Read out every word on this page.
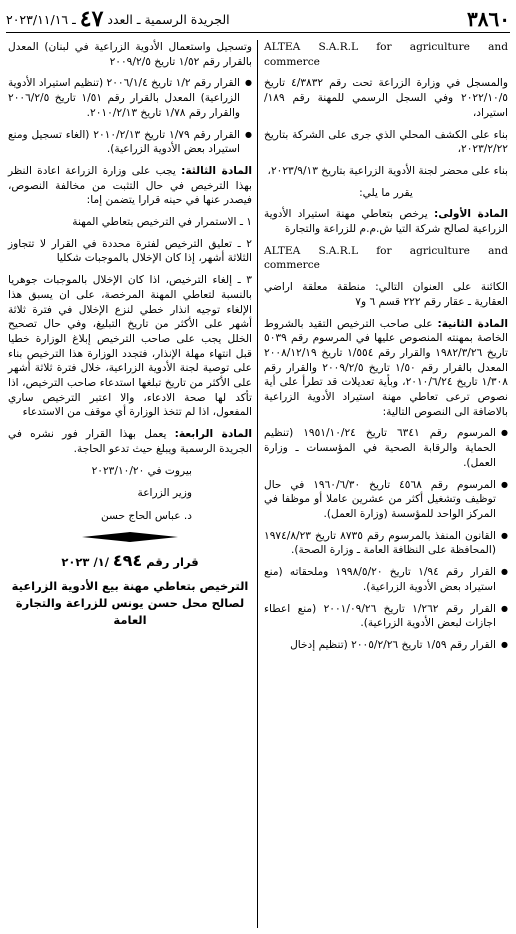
٣٨٦٠
الجريدة الرسمية ـ العدد
٤٧
ـ ٢٠٢٣/١١/١٦

ALTEA S.A.R.L for agriculture and commerce

والمسجل في وزارة الزراعة تحت رقم ٤/٣٨٣٢ تاريخ ٢٠٢٢/١٠/٥ وفي السجل الرسمي للمهنة رقم ١٨٩/ استيراد،

بناء على الكشف المحلي الذي جرى على الشركة بتاريخ ٢٠٢٣/٢/٢٢،

بناء على محضر لجنة الأدوية الزراعية بتاريخ ٢٠٢٣/٩/١٣،

يقرر ما يلي:

المادة الأولى: يرخص بتعاطي مهنة استيراد الأدوية الزراعية لصالح شركة التيا ش.م.م للزراعة والتجارة

ALTEA S.A.R.L for agriculture and commerce

الكائنة على العنوان التالي: منطقة معلقة اراضي العقارية ـ عقار رقم ٢٢٢ قسم ٦ و٧

المادة الثانية: على صاحب الترخيص التقيد بالشروط الخاصة بمهنته المنصوص عليها في المرسوم رقم ٥٠٣٩ تاريخ ١٩٨٢/٣/٢٦ والقرار رقم ١/٥٥٤ تاريخ ٢٠٠٨/١٢/١٩ المعدل بالقرار رقم ١/٥٠ تاريخ ٢٠٠٩/٢/٥ والقرار رقم ١/٣٠٨ تاريخ ٢٠١٠/٦/٢٤، وبأية تعديلات قد تطرأ على أية نصوص ترعى تعاطي مهنة استيراد الأدوية الزراعية بالاضافة الى النصوص التالية:

● المرسوم رقم ٦٣٤١ تاريخ ١٩٥١/١٠/٢٤ (تنظيم الحماية والرقابة الصحية في المؤسسات ـ وزارة العمل).

● المرسوم رقم ٤٥٦٨ تاريخ ١٩٦٠/٦/٣٠ في حال توظيف وتشغيل أكثر من عشرين عاملا أو موظفا في المركز الواحد للمؤسسة (وزارة العمل).

● القانون المنفذ بالمرسوم رقم ٨٧٣٥ تاريخ ١٩٧٤/٨/٢٣ (المحافظة على النظافة العامة ـ وزارة الصحة).

● القرار رقم ١/٩٤ تاريخ ١٩٩٨/٥/٢٠ وملحقاته (منع استيراد بعض الأدوية الزراعية).

● القرار رقم ١/٢٦٢ تاريخ ٢٠٠١/٠٩/٢٦ (منع اعطاء اجازات لبعض الأدوية الزراعية).

● القرار رقم ١/٥٩ تاريخ ٢٠٠٥/٢/٢٦ (تنظيم إدخال

وتسجيل واستعمال الأدوية الزراعية في لبنان) المعدل بالقرار رقم ١/٥٢ تاريخ ٢٠٠٩/٢/٥

● القرار رقم ١/٢ تاريخ ٢٠٠٦/١/٤ (تنظيم استيراد الأدوية الزراعية) المعدل بالقرار رقم ١/٥١ تاريخ ٢٠٠٦/٢/٥ والقرار رقم ١/٧٨ تاريخ ٢٠١٠/٢/١٣.

● القرار رقم ١/٧٩ تاريخ ٢٠١٠/٢/١٣ (الغاء تسجيل ومنع استيراد بعض الأدوية الزراعية).

المادة الثالثة: يجب على وزارة الزراعة اعادة النظر بهذا الترخيص في حال التثبت من مخالفة النصوص، فيصدر عنها في حينه قرارا يتضمن إما:

١ ـ الاستمرار في الترخيص بتعاطي المهنة

٢ ـ تعليق الترخيص لفترة محددة في القرار لا تتجاوز الثلاثة أشهر، إذا كان الإخلال بالموجبات شكليا

٣ ـ إلغاء الترخيص، اذا كان الإخلال بالموجبات جوهريا بالنسبة لتعاطي المهنة المرخصة، على ان يسبق هذا الإلغاء توجيه انذار خطي لنزع الإخلال في فترة ثلاثة أشهر على الأكثر من تاريخ التبليغ، وفي حال تصحيح الخلل يجب على صاحب الترخيص إبلاغ الوزارة خطيا قبل انتهاء مهلة الإنذار، فتجدد الوزارة هذا الترخيص بناء على توصية لجنة الأدوية الزراعية، خلال فترة ثلاثة أشهر على الأكثر من تاريخ تبلغها استدعاء صاحب الترخيص، اذا تأكد لها صحة الادعاء، والا اعتبر الترخيص ساري المفعول، اذا لم تتخذ الوزارة أي موقف من الاستدعاء

المادة الرابعة: يعمل بهذا القرار فور نشره في الجريدة الرسمية ويبلغ حيث تدعو الحاجة.

بيروت في ٢٠٢٣/١٠/٢٠

وزير الزراعة

د. عباس الحاج حسن

قرار رقم ٤٩٤ /١/ ٢٠٢٣

الترخيص بتعاطي مهنة بيع الأدوية الزراعية لصالح محل حسن يونس للزراعة والتجارة العامة
